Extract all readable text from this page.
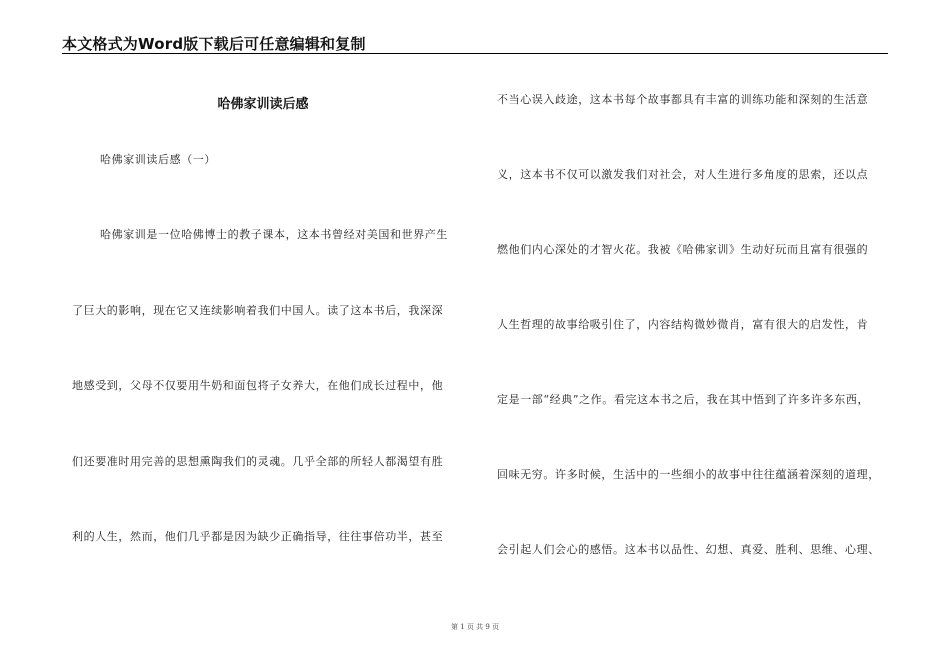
本文格式为Word版下载后可任意编辑和复制
哈佛家训读后感
哈佛家训读后感（一）
哈佛家训是一位哈佛博士的教子课本，这本书曾经对美国和世界产生
了巨大的影响，现在它又连续影响着我们中国人。读了这本书后，我深深
地感受到，父母不仅要用牛奶和面包将子女养大，在他们成长过程中，他
们还要准时用完善的思想熏陶我们的灵魂。几乎全部的所轻人都渴望有胜
利的人生，然而，他们几乎都是因为缺少正确指导，往往事倍功半，甚至
不当心误入歧途，这本书每个故事都具有丰富的训练功能和深刻的生活意
义，这本书不仅可以激发我们对社会，对人生进行多角度的思索，还以点
燃他们内心深处的才智火花。我被《哈佛家训》生动好玩而且富有很强的
人生哲理的故事给吸引住了，内容结构微妙微肖，富有很大的启发性，肯
定是一部“经典”之作。看完这本书之后，我在其中悟到了许多许多东西，
回味无穷。许多时候，生活中的一些细小的故事中往往蕴涵着深刻的道理，
会引起人们会心的感悟。这本书以品性、幻想、真爱、胜利、思维、心理、
第 1 页 共 9 页
